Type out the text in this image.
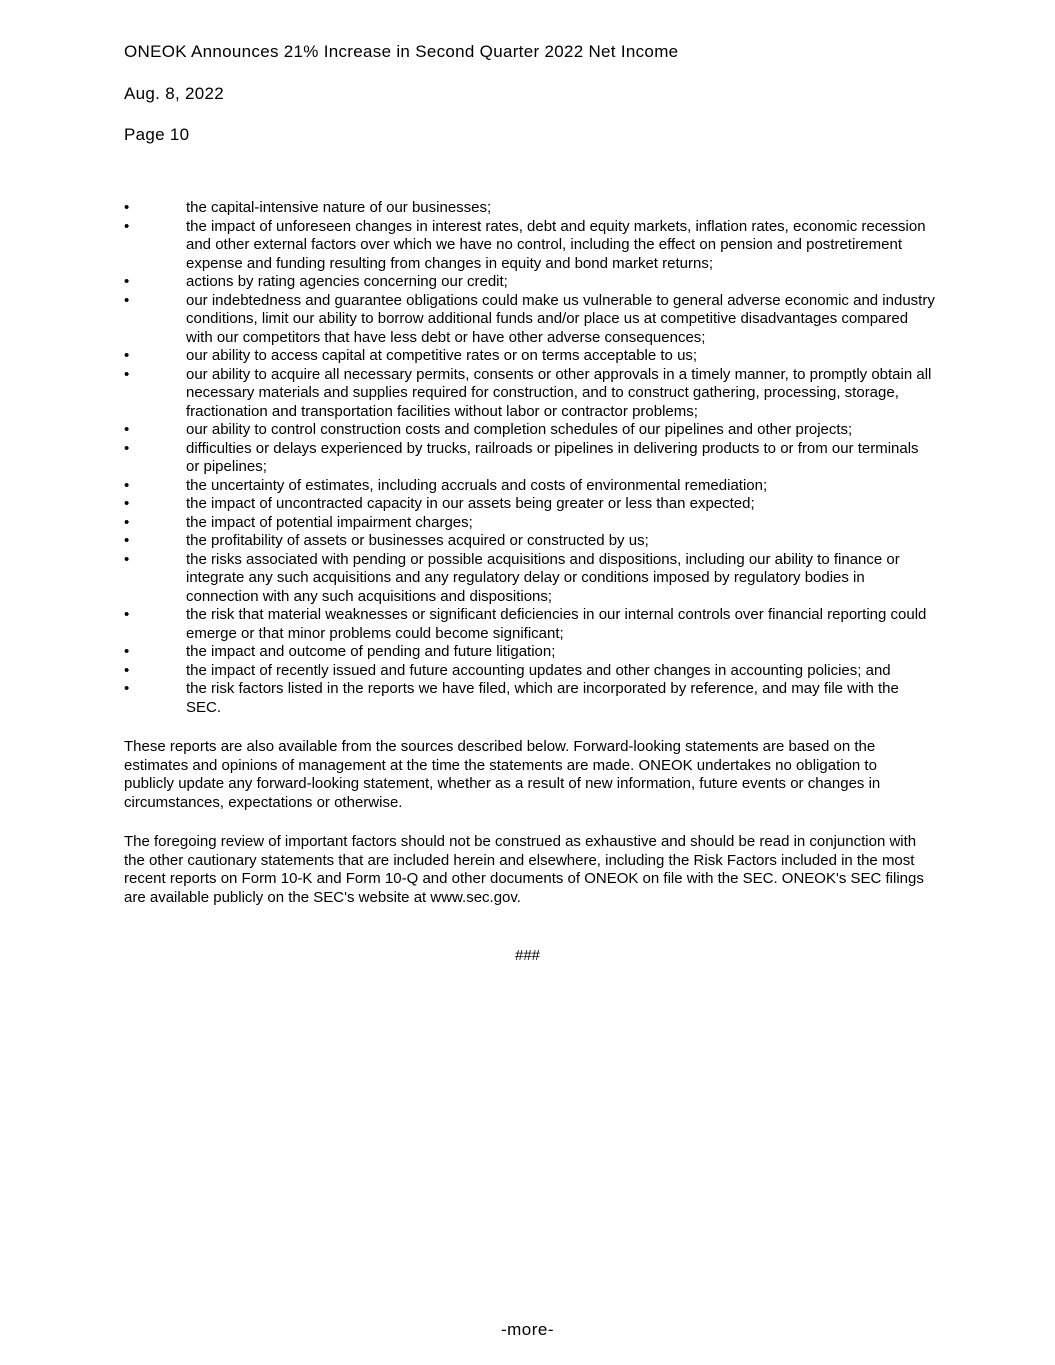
ONEOK Announces 21% Increase in Second Quarter 2022 Net Income
Aug. 8, 2022
Page 10
•	the capital-intensive nature of our businesses;
•	the impact of unforeseen changes in interest rates, debt and equity markets, inflation rates, economic recession and other external factors over which we have no control, including the effect on pension and postretirement expense and funding resulting from changes in equity and bond market returns;
•	actions by rating agencies concerning our credit;
•	our indebtedness and guarantee obligations could make us vulnerable to general adverse economic and industry conditions, limit our ability to borrow additional funds and/or place us at competitive disadvantages compared with our competitors that have less debt or have other adverse consequences;
•	our ability to access capital at competitive rates or on terms acceptable to us;
•	our ability to acquire all necessary permits, consents or other approvals in a timely manner, to promptly obtain all necessary materials and supplies required for construction, and to construct gathering, processing, storage, fractionation and transportation facilities without labor or contractor problems;
•	our ability to control construction costs and completion schedules of our pipelines and other projects;
•	difficulties or delays experienced by trucks, railroads or pipelines in delivering products to or from our terminals or pipelines;
•	the uncertainty of estimates, including accruals and costs of environmental remediation;
•	the impact of uncontracted capacity in our assets being greater or less than expected;
•	the impact of potential impairment charges;
•	the profitability of assets or businesses acquired or constructed by us;
•	the risks associated with pending or possible acquisitions and dispositions, including our ability to finance or integrate any such acquisitions and any regulatory delay or conditions imposed by regulatory bodies in connection with any such acquisitions and dispositions;
•	the risk that material weaknesses or significant deficiencies in our internal controls over financial reporting could emerge or that minor problems could become significant;
•	the impact and outcome of pending and future litigation;
•	the impact of recently issued and future accounting updates and other changes in accounting policies; and
•	the risk factors listed in the reports we have filed, which are incorporated by reference, and may file with the SEC.

These reports are also available from the sources described below. Forward-looking statements are based on the estimates and opinions of management at the time the statements are made. ONEOK undertakes no obligation to publicly update any forward-looking statement, whether as a result of new information, future events or changes in circumstances, expectations or otherwise.

The foregoing review of important factors should not be construed as exhaustive and should be read in conjunction with the other cautionary statements that are included herein and elsewhere, including the Risk Factors included in the most recent reports on Form 10-K and Form 10-Q and other documents of ONEOK on file with the SEC. ONEOK's SEC filings are available publicly on the SEC's website at www.sec.gov.

###
-more-
